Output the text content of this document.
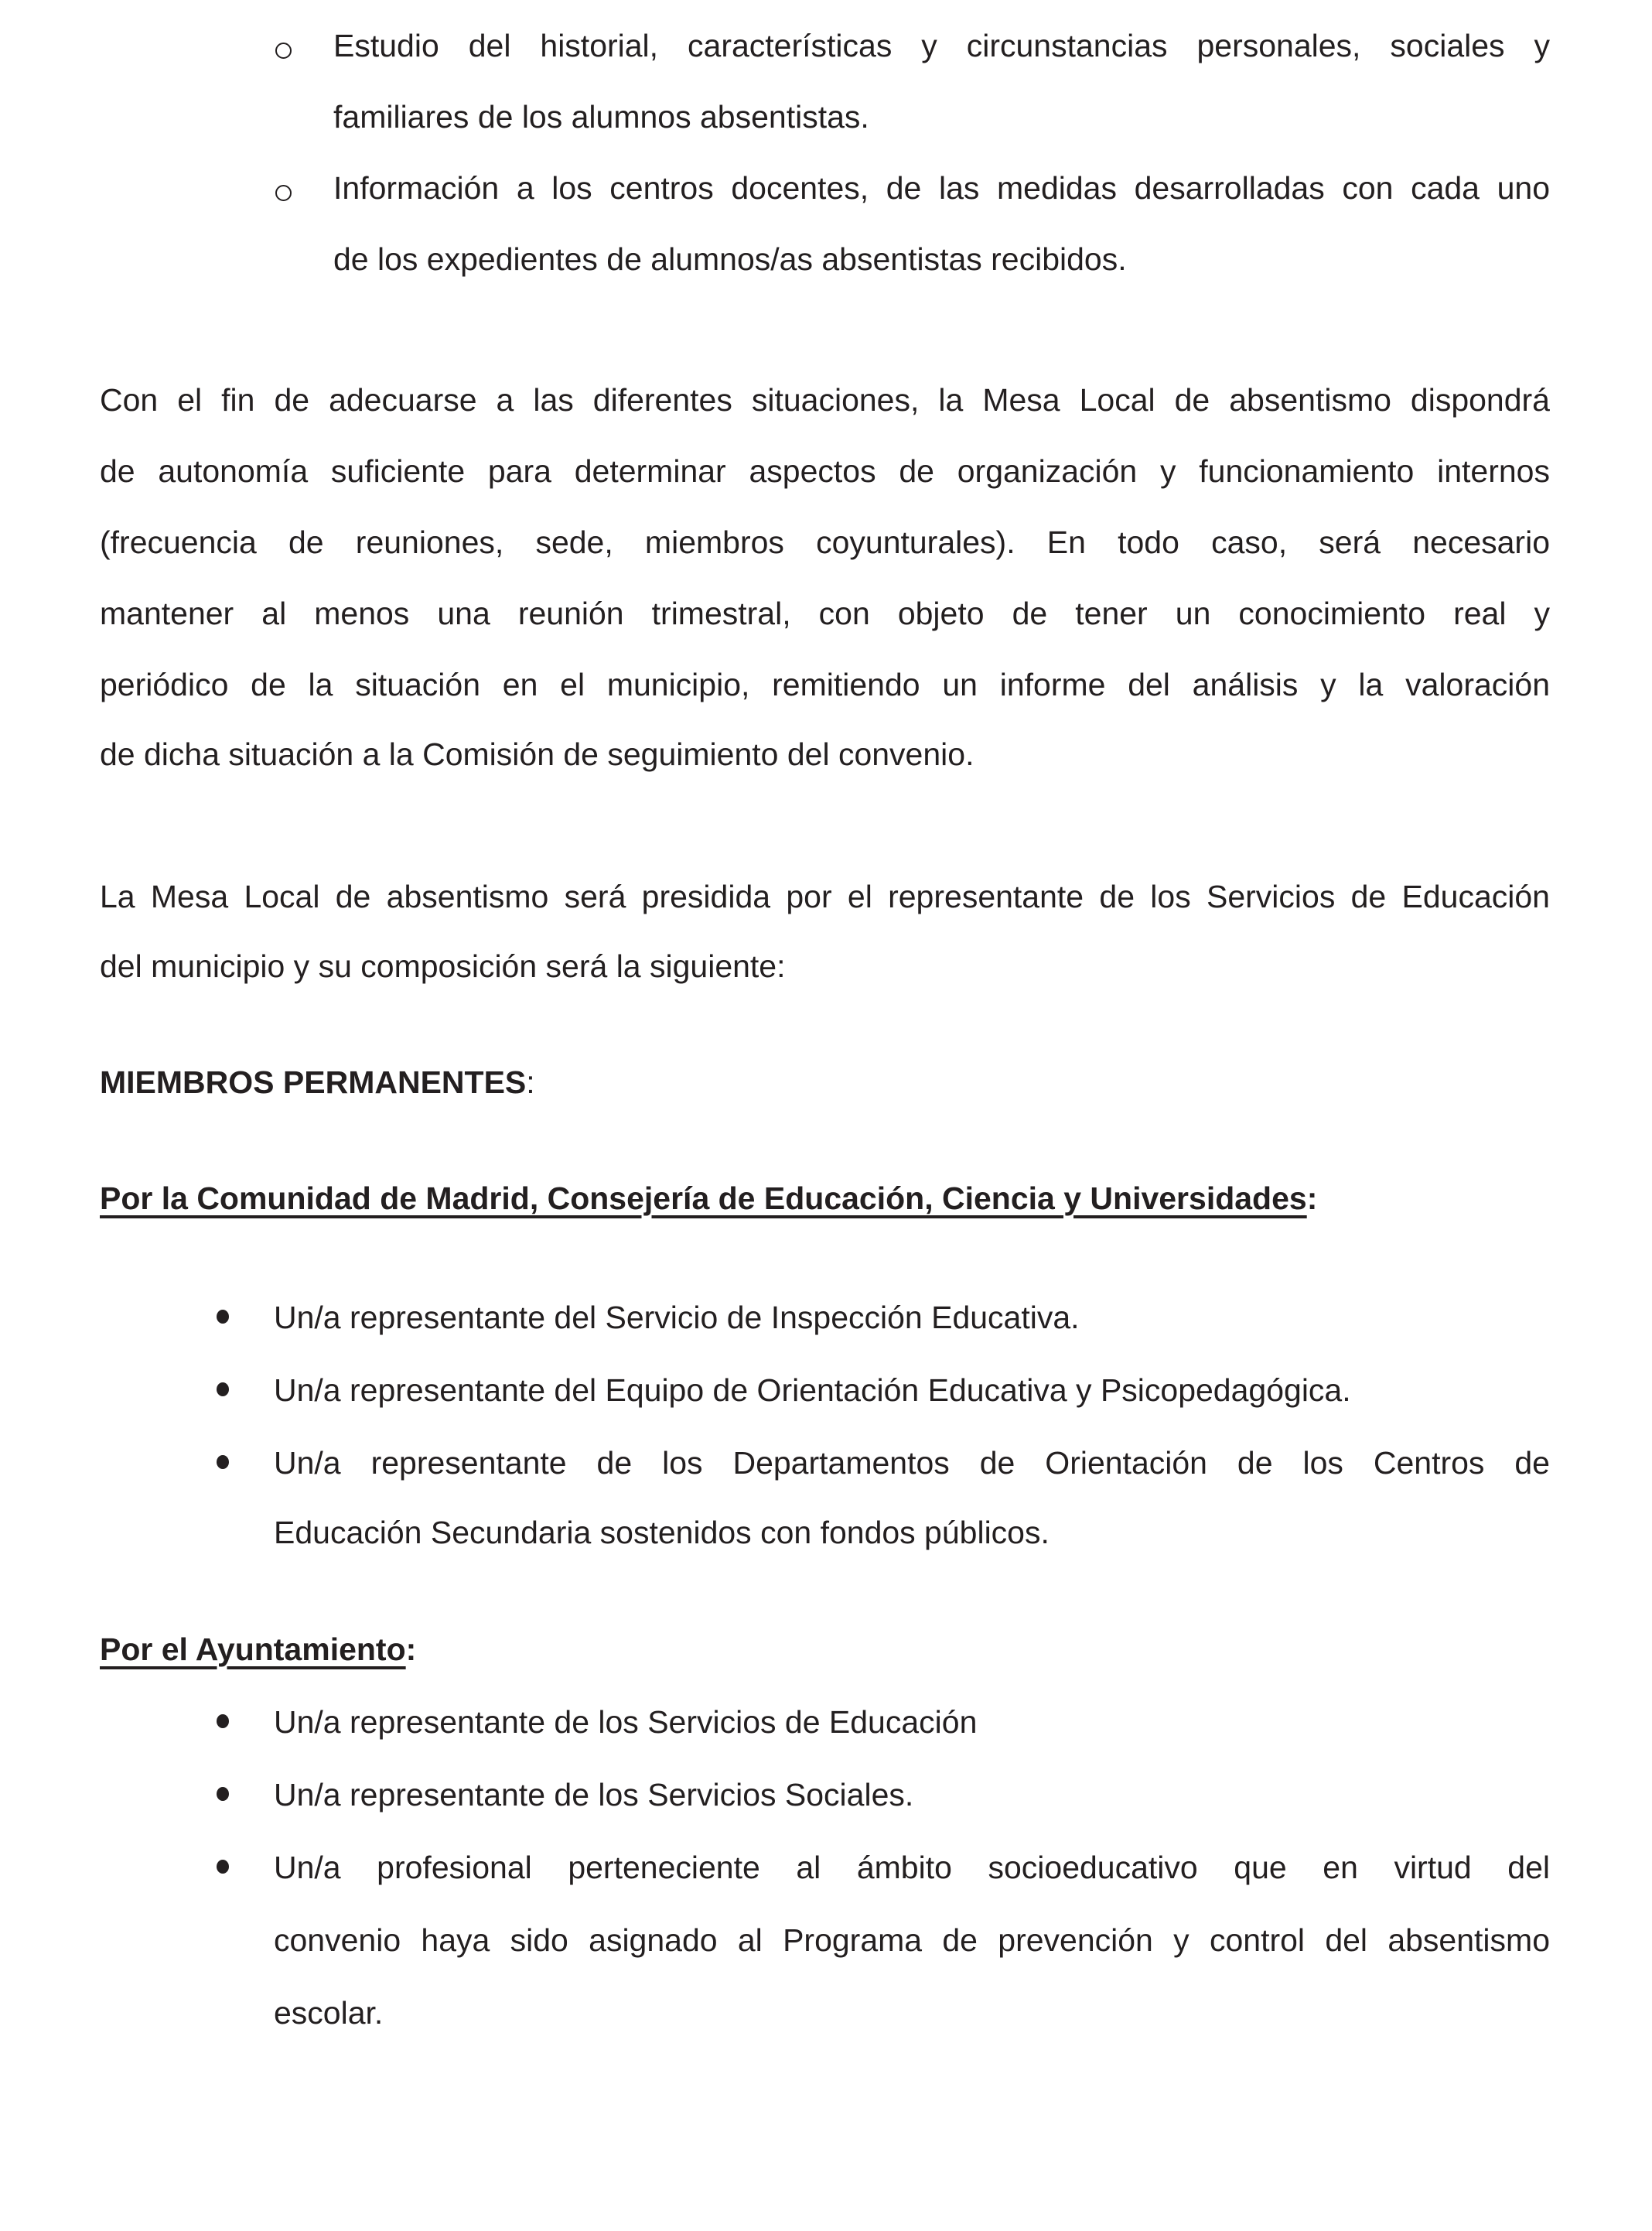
Estudio del historial, características y circunstancias personales, sociales y
familiares de los alumnos absentistas.
Información a los centros docentes, de las medidas desarrolladas con cada uno
de los expedientes de alumnos/as absentistas recibidos.
Con el fin de adecuarse a las diferentes situaciones, la Mesa Local de absentismo dispondrá
de autonomía suficiente para determinar aspectos de organización y funcionamiento internos
(frecuencia de reuniones, sede, miembros coyunturales). En todo caso, será necesario
mantener al menos una reunión trimestral, con objeto de tener un conocimiento real y
periódico de la situación en el municipio, remitiendo un informe del análisis y la valoración
de dicha situación a la Comisión de seguimiento del convenio.
La Mesa Local de absentismo será presidida por el representante de los Servicios de Educación
del municipio y su composición será la siguiente:
MIEMBROS PERMANENTES:
Por la Comunidad de Madrid, Consejería de Educación, Ciencia y Universidades:
Un/a representante del Servicio de Inspección Educativa.
Un/a representante del Equipo de Orientación Educativa y Psicopedagógica.
Un/a representante de los Departamentos de Orientación de los Centros de
Educación Secundaria sostenidos con fondos públicos.
Por el Ayuntamiento:
Un/a representante de los Servicios de Educación
Un/a representante de los Servicios Sociales.
Un/a profesional perteneciente al ámbito socioeducativo que en virtud del
convenio haya sido asignado al Programa de prevención y control del absentismo
escolar.
